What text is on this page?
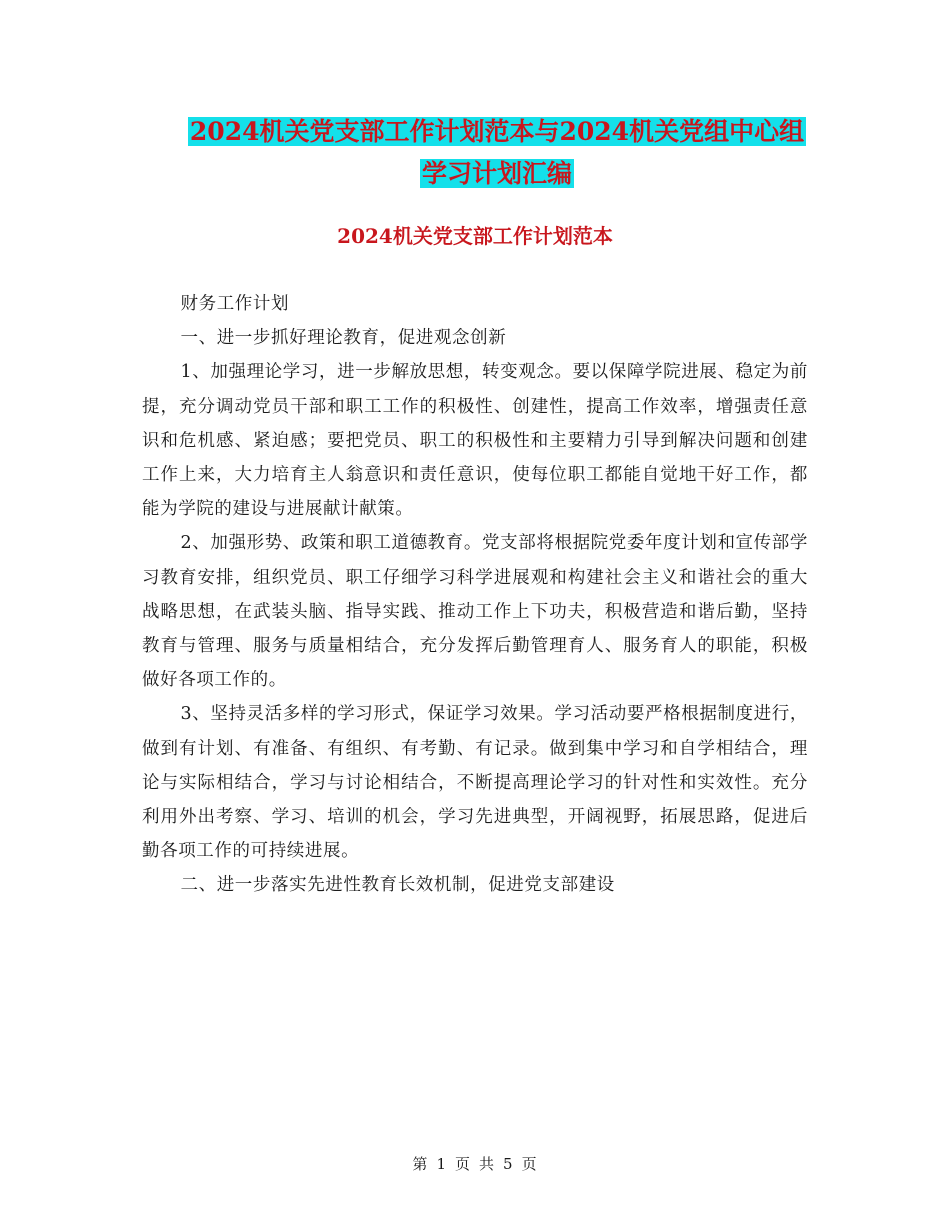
2024机关党支部工作计划范本与2024机关党组中心组
学习计划汇编
2024机关党支部工作计划范本

财务工作计划

一、进一步抓好理论教育，促进观念创新

1、加强理论学习，进一步解放思想，转变观念。要以保障学院进展、稳定为前提，充分调动党员干部和职工工作的积极性、创建性，提高工作效率，增强责任意识和危机感、紧迫感；要把党员、职工的积极性和主要精力引导到解决问题和创建工作上来，大力培育主人翁意识和责任意识，使每位职工都能自觉地干好工作，都能为学院的建设与进展献计献策。

2、加强形势、政策和职工道德教育。党支部将根据院党委年度计划和宣传部学习教育安排，组织党员、职工仔细学习科学进展观和构建社会主义和谐社会的重大战略思想，在武装头脑、指导实践、推动工作上下功夫，积极营造和谐后勤，坚持教育与管理、服务与质量相结合，充分发挥后勤管理育人、服务育人的职能，积极做好各项工作的。

3、坚持灵活多样的学习形式，保证学习效果。学习活动要严格根据制度进行，做到有计划、有准备、有组织、有考勤、有记录。做到集中学习和自学相结合，理论与实际相结合，学习与讨论相结合，不断提高理论学习的针对性和实效性。充分利用外出考察、学习、培训的机会，学习先进典型，开阔视野，拓展思路，促进后勤各项工作的可持续进展。

二、进一步落实先进性教育长效机制，促进党支部建设

第 1 页 共 5 页
